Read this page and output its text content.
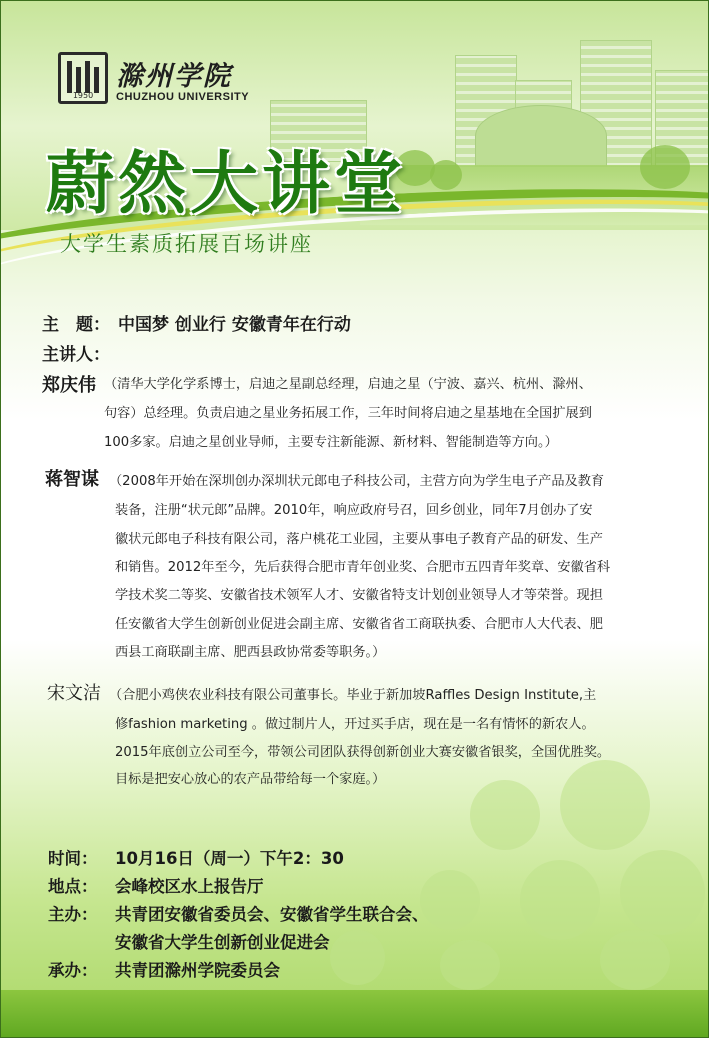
1950
滁州学院
CHUZHOU UNIVERSITY
蔚然大讲堂
大学生素质拓展百场讲座
主　题： 中国梦 创业行 安徽青年在行动
主讲人：
郑庆伟 （清华大学化学系博士，启迪之星副总经理，启迪之星（宁波、嘉兴、杭州、滁州、
句容）总经理。负责启迪之星业务拓展工作，三年时间将启迪之星基地在全国扩展到
100多家。启迪之星创业导师，主要专注新能源、新材料、智能制造等方向。）
蒋智谋 （2008年开始在深圳创办深圳状元郎电子科技公司，主营方向为学生电子产品及教育
装备，注册“状元郎”品牌。2010年，响应政府号召，回乡创业，同年7月创办了安
徽状元郎电子科技有限公司，落户桃花工业园，主要从事电子教育产品的研发、生产
和销售。2012年至今，先后获得合肥市青年创业奖、合肥市五四青年奖章、安徽省科
学技术奖二等奖、安徽省技术领军人才、安徽省特支计划创业领导人才等荣誉。现担
任安徽省大学生创新创业促进会副主席、安徽省省工商联执委、合肥市人大代表、肥
西县工商联副主席、肥西县政协常委等职务。）
宋文洁 （合肥小鸡侠农业科技有限公司董事长。毕业于新加坡Raffles Design Institute,主
修fashion marketing 。做过制片人，开过买手店，现在是一名有情怀的新农人。
2015年底创立公司至今，带领公司团队获得创新创业大赛安徽省银奖，全国优胜奖。
目标是把安心放心的农产品带给每一个家庭。）
时间： 10月16日（周一）下午2：30
地点： 会峰校区水上报告厅
主办： 共青团安徽省委员会、安徽省学生联合会、
安徽省大学生创新创业促进会
承办： 共青团滁州学院委员会
